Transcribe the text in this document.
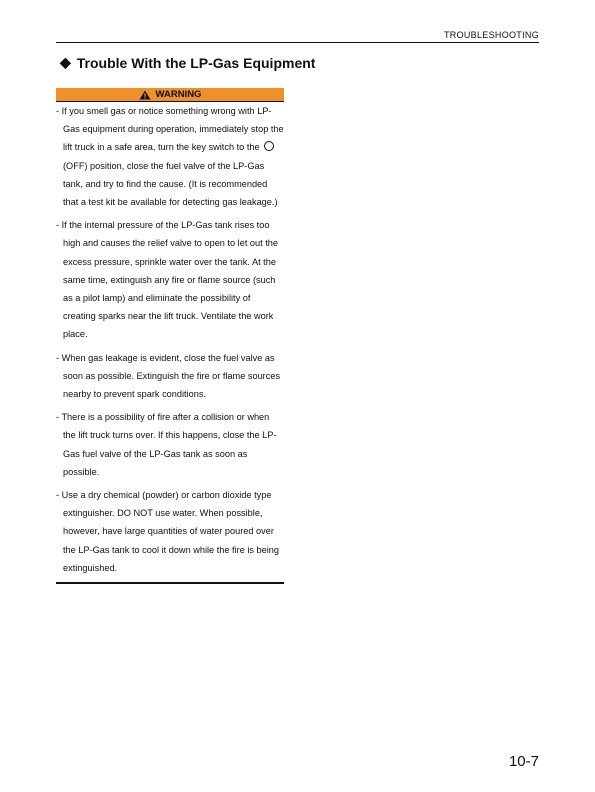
TROUBLESHOOTING
◆ Trouble With the LP-Gas Equipment
WARNING

- If you smell gas or notice something wrong with LP-Gas equipment during operation, immediately stop the lift truck in a safe area, turn the key switch to the  (OFF) position, close the fuel valve of the LP-Gas tank, and try to find the cause. (It is recommended that a test kit be available for detecting gas leakage.)

- If the internal pressure of the LP-Gas tank rises too high and causes the relief valve to open to let out the excess pressure, sprinkle water over the tank. At the same time, extinguish any fire or flame source (such as a pilot lamp) and eliminate the possibility of creating sparks near the lift truck. Ventilate the work place.

- When gas leakage is evident, close the fuel valve as soon as possible. Extinguish the fire or flame sources nearby to prevent spark conditions.

- There is a possibility of fire after a collision or when the lift truck turns over. If this happens, close the LP-Gas fuel valve of the LP-Gas tank as soon as possible.

- Use a dry chemical (powder) or carbon dioxide type extinguisher. DO NOT use water. When possible, however, have large quantities of water poured over the LP-Gas tank to cool it down while the fire is being extinguished.

10-7
